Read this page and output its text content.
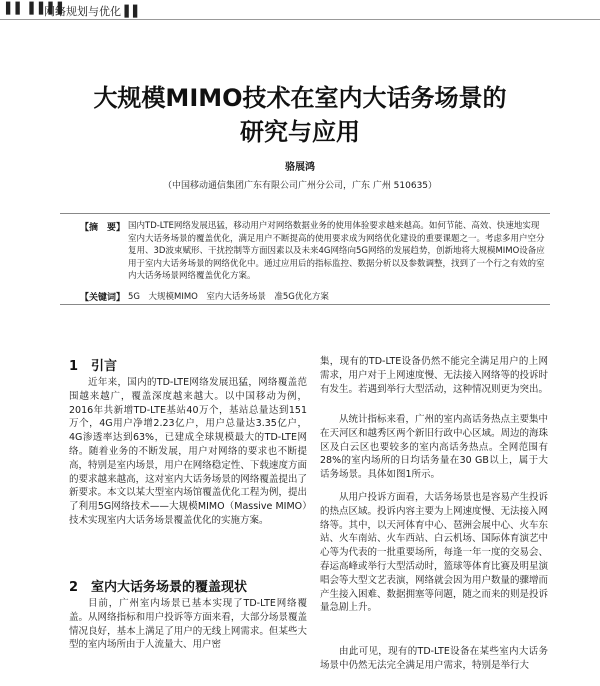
▌▌ ▌▌▌▌
网络规划与优化 ▌▌
大规模MIMO技术在室内大话务场景的
研究与应用
骆展鸿
（中国移动通信集团广东有限公司广州分公司，广东 广州 510635）
【摘　要】 国内TD-LTE网络发展迅猛，移动用户对网络数据业务的使用体验要求越来越高。如何节能、高效、快速地实现室内大话务场景的覆盖优化，满足用户不断提高的使用要求成为网络优化建设的重要课题之一。考虑多用户空分复用、3D波束赋形、干扰控制等方面因素以及未来4G网络向5G网络的发展趋势，创新地将大规模MIMO设备应用于室内大话务场景的网络优化中。通过应用后的指标监控、数据分析以及参数调整，找到了一个行之有效的室内大话务场景网络覆盖优化方案。
【关键词】 5G　大规模MIMO　室内大话务场景　准5G优化方案
1　引言
近年来，国内的TD-LTE网络发展迅猛，网络覆盖范围越来越广，覆盖深度越来越大。以中国移动为例，2016年共新增TD-LTE基站40万个，基站总量达到151万个，4G用户净增2.23亿户，用户总量达3.35亿户，4G渗透率达到63%，已建成全球规模最大的TD-LTE网络。随着业务的不断发展，用户对网络的要求也不断提高，特别是室内场景，用户在网络稳定性、下载速度方面的要求越来越高，这对室内大话务场景的网络覆盖提出了新要求。本文以某大型室内场馆覆盖优化工程为例，提出了利用5G网络技术——大规模MIMO（Massive MIMO）技术实现室内大话务场景覆盖优化的实施方案。
2　室内大话务场景的覆盖现状
目前，广州室内场景已基本实现了TD-LTE网络覆盖。从网络指标和用户投诉等方面来看，大部分场景覆盖情况良好，基本上满足了用户的无线上网需求。但某些大型的室内场所由于人流量大、用户密
集，现有的TD-LTE设备仍然不能完全满足用户的上网需求，用户对于上网速度慢、无法接入网络等的投诉时有发生。若遇到举行大型活动，这种情况则更为突出。
从统计指标来看，广州的室内高话务热点主要集中在天河区和越秀区两个新旧行政中心区域。周边的海珠区及白云区也要较多的室内高话务热点。全网范围有28%的室内场所的日均话务量在30 GB以上，属于大话务场景。具体如图1所示。
从用户投诉方面看，大话务场景也是容易产生投诉的热点区域。投诉内容主要为上网速度慢、无法接入网络等。其中，以天河体育中心、琶洲会展中心、火车东站、火车南站、火车西站、白云机场、国际体育演艺中心等为代表的一批重要场所，每逢一年一度的交易会、春运高峰或举行大型活动时，篮球等体育比赛及明星演唱会等大型文艺表演，网络就会因为用户数量的骤增而产生接入困难、数据拥塞等问题，随之而来的则是投诉量急剧上升。
由此可见，现有的TD-LTE设备在某些室内大话务场景中仍然无法完全满足用户需求，特别是举行大
